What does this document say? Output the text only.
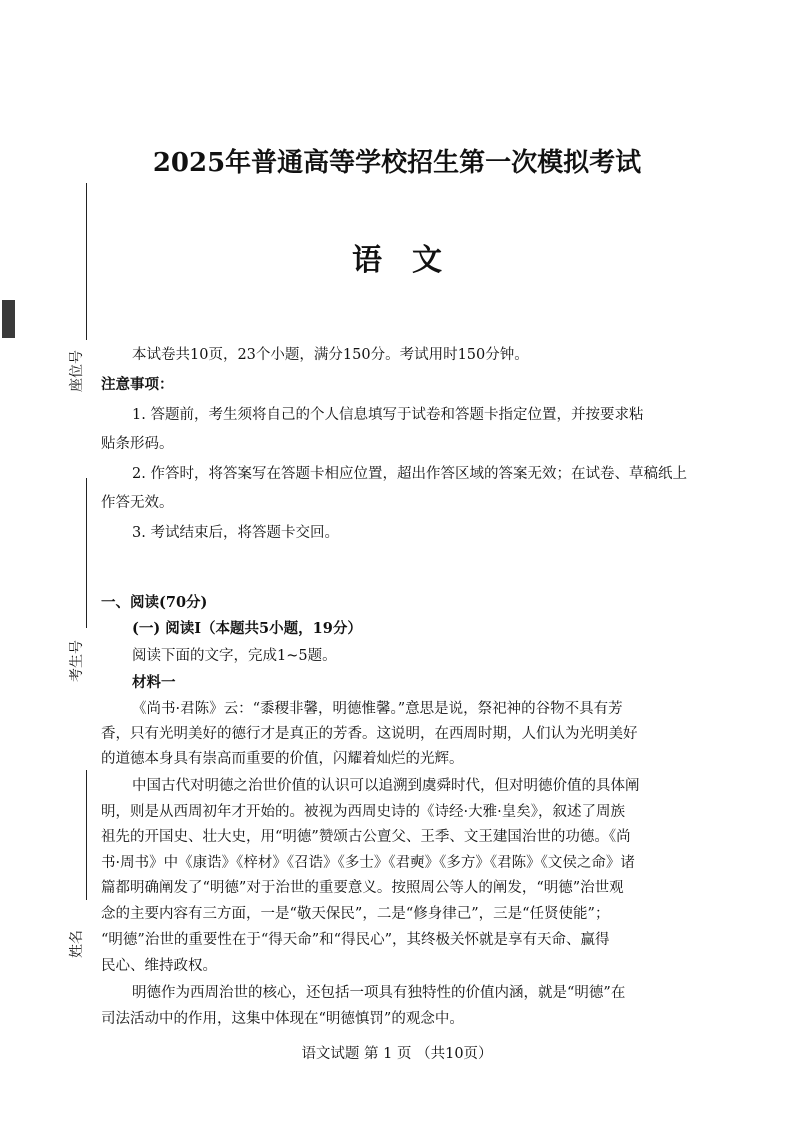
座位号
考生号
姓名
2025年普通高等学校招生第一次模拟考试
语文
本试卷共10页，23个小题，满分150分。考试用时150分钟。
注意事项：
1. 答题前，考生须将自己的个人信息填写于试卷和答题卡指定位置，并按要求粘
贴条形码。
2. 作答时，将答案写在答题卡相应位置，超出作答区域的答案无效；在试卷、草稿纸上
作答无效。
3. 考试结束后，将答题卡交回。
一、阅读(70分)
(一) 阅读I（本题共5小题，19分）
阅读下面的文字，完成1~5题。
材料一
《尚书·君陈》云：“黍稷非馨，明德惟馨。”意思是说，祭祀神的谷物不具有芳
香，只有光明美好的德行才是真正的芳香。这说明，在西周时期，人们认为光明美好
的道德本身具有崇高而重要的价值，闪耀着灿烂的光辉。
中国古代对明德之治世价值的认识可以追溯到虞舜时代，但对明德价值的具体阐
明，则是从西周初年才开始的。被视为西周史诗的《诗经·大雅·皇矣》，叙述了周族
祖先的开国史、壮大史，用“明德”赞颂古公亶父、王季、文王建国治世的功德。《尚
书·周书》中《康诰》《梓材》《召诰》《多士》《君奭》《多方》《君陈》《文侯之命》诸
篇都明确阐发了“明德”对于治世的重要意义。按照周公等人的阐发，“明德”治世观
念的主要内容有三方面，一是“敬天保民”，二是“修身律己”，三是“任贤使能”；
“明德”治世的重要性在于“得天命”和“得民心”，其终极关怀就是享有天命、赢得
民心、维持政权。
明德作为西周治世的核心，还包括一项具有独特性的价值内涵，就是“明德”在
司法活动中的作用，这集中体现在“明德慎罚”的观念中。
语文试题 第 1 页 （共10页）
